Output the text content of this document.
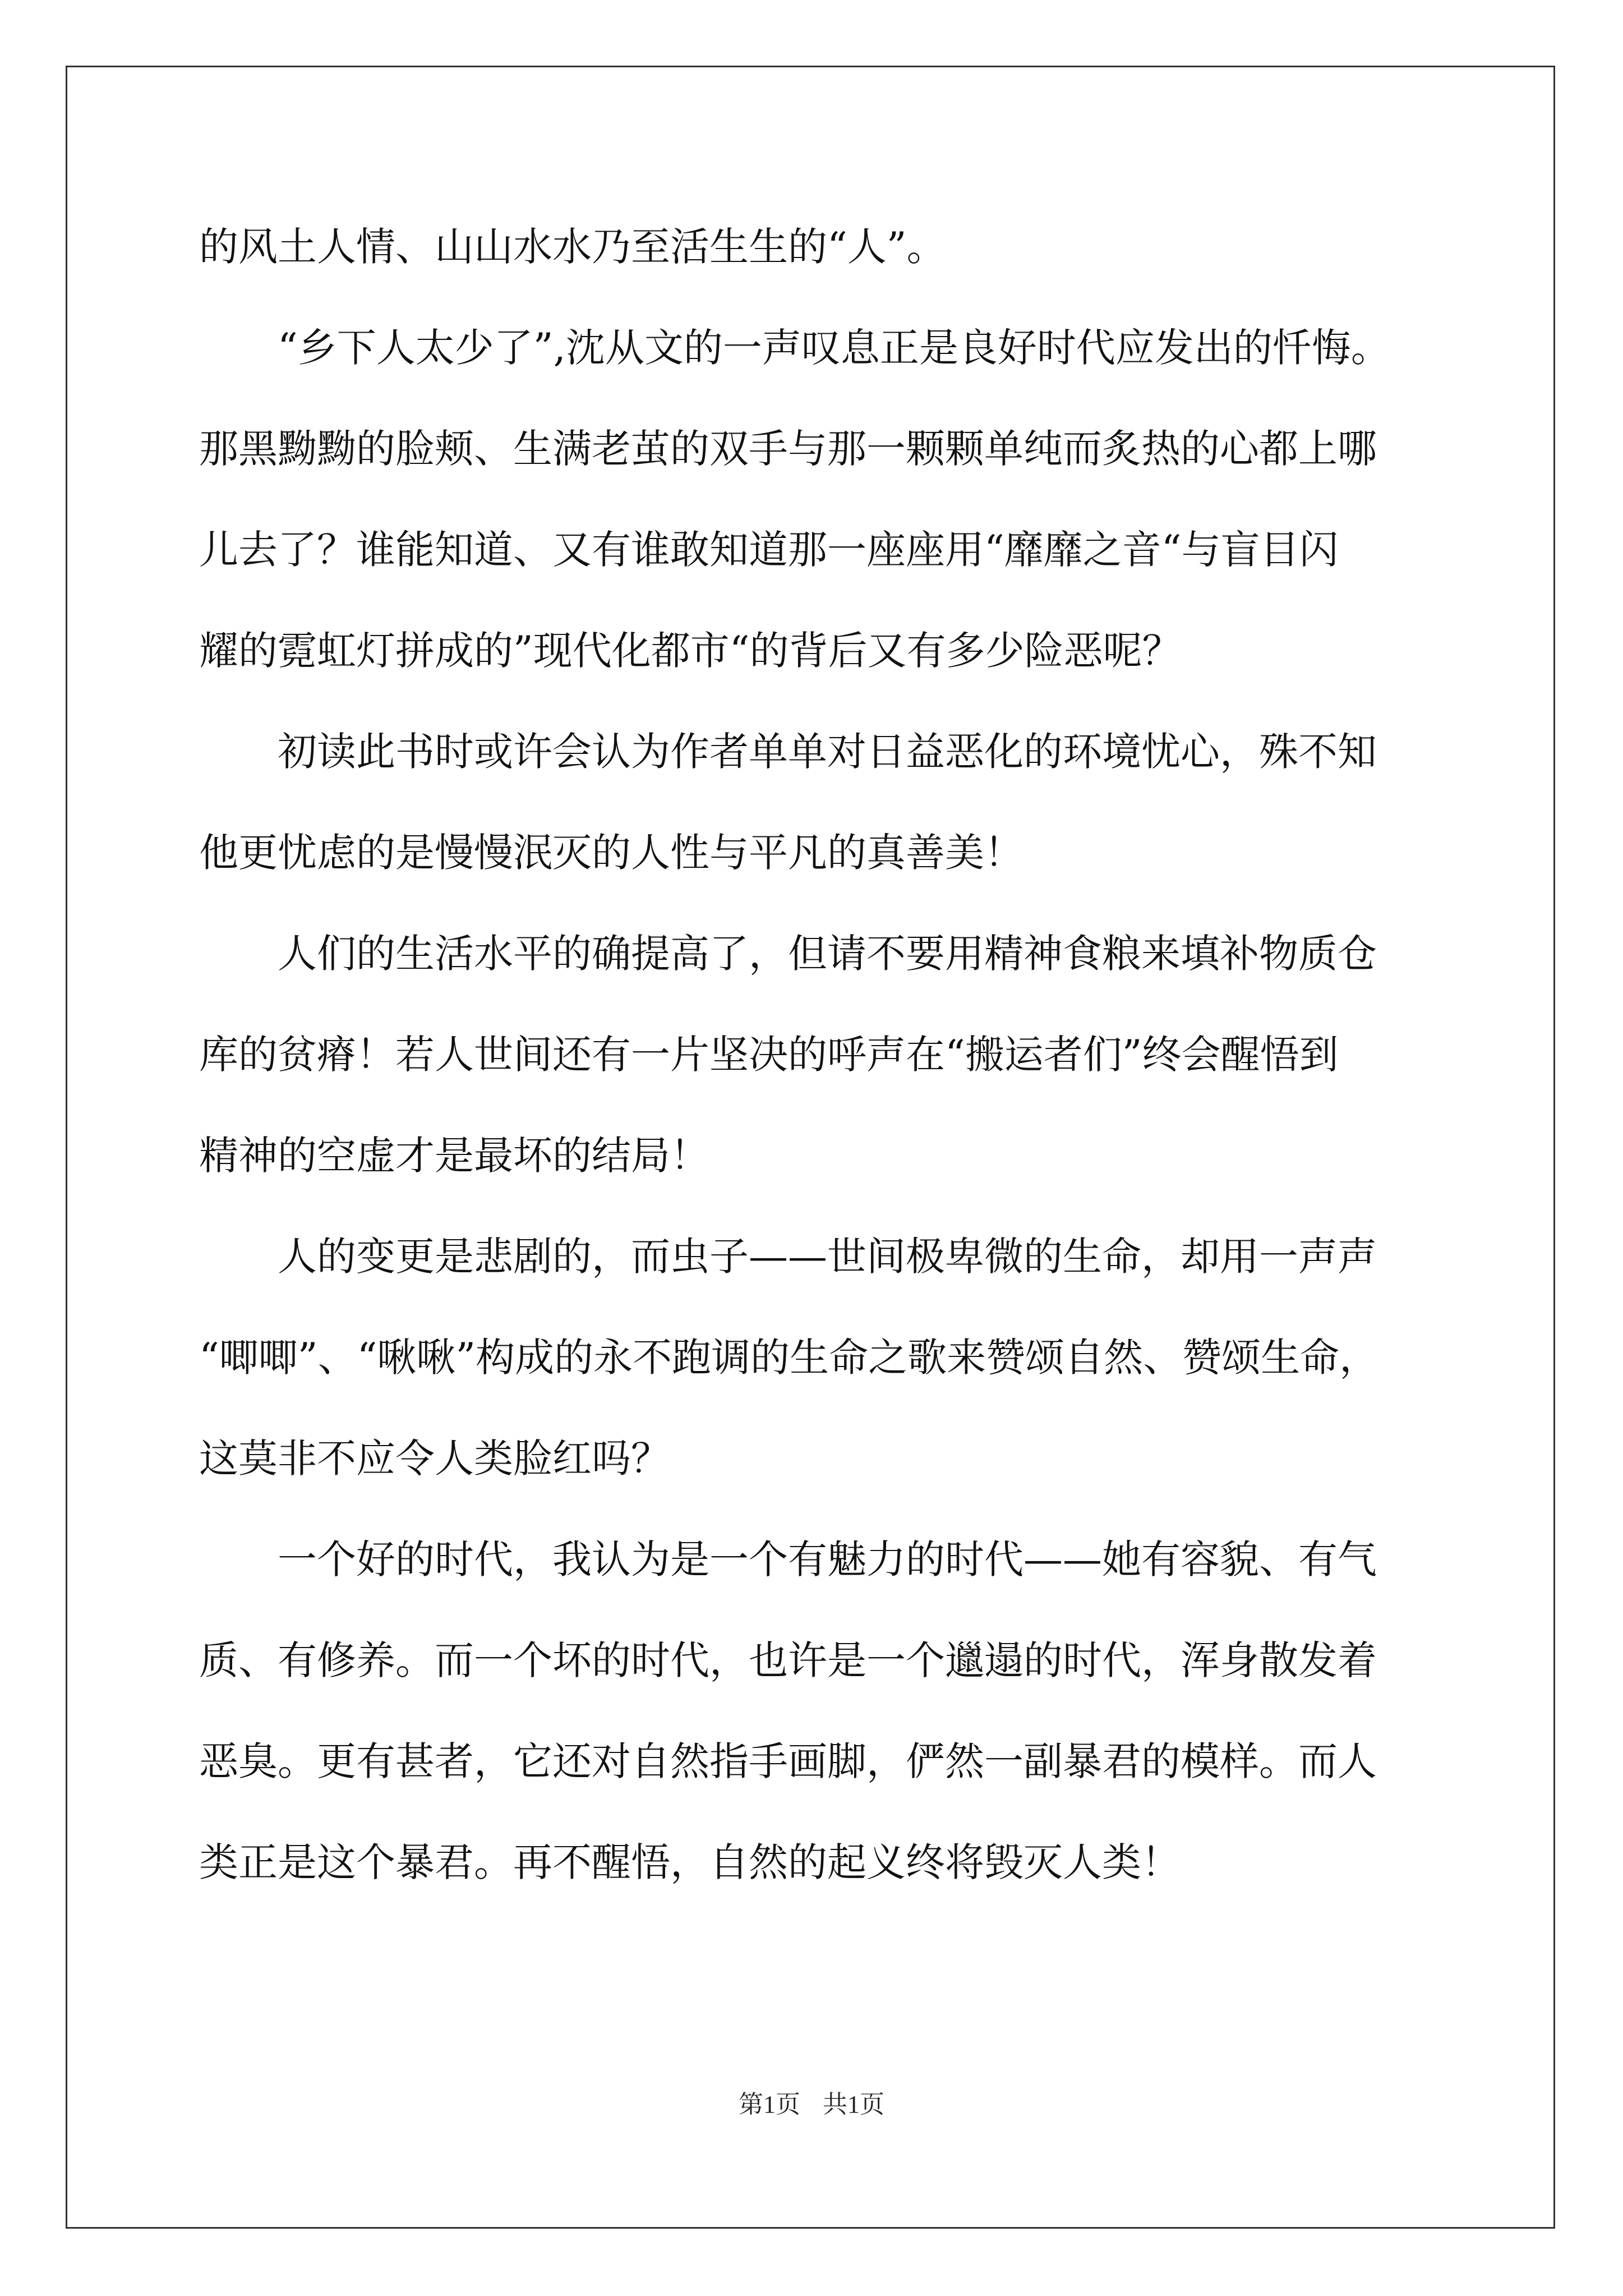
的风土人情、山山水水乃至活生生的“人”。
“乡下人太少了”,沈从文的一声叹息正是良好时代应发出的忏悔。
那黑黝黝的脸颊、生满老茧的双手与那一颗颗单纯而炙热的心都上哪
儿去了？谁能知道、又有谁敢知道那一座座用“靡靡之音“与盲目闪
耀的霓虹灯拼成的”现代化都市“的背后又有多少险恶呢？
初读此书时或许会认为作者单单对日益恶化的环境忧心，殊不知
他更忧虑的是慢慢泯灭的人性与平凡的真善美！
人们的生活水平的确提高了，但请不要用精神食粮来填补物质仓
库的贫瘠！若人世间还有一片坚决的呼声在“搬运者们”终会醒悟到
精神的空虚才是最坏的结局！
人的变更是悲剧的，而虫子——世间极卑微的生命，却用一声声
“唧唧”、“啾啾”构成的永不跑调的生命之歌来赞颂自然、赞颂生命，
这莫非不应令人类脸红吗？
一个好的时代，我认为是一个有魅力的时代——她有容貌、有气
质、有修养。而一个坏的时代，也许是一个邋遢的时代，浑身散发着
恶臭。更有甚者，它还对自然指手画脚，俨然一副暴君的模样。而人
类正是这个暴君。再不醒悟，自然的起义终将毁灭人类！
第1页 共1页
